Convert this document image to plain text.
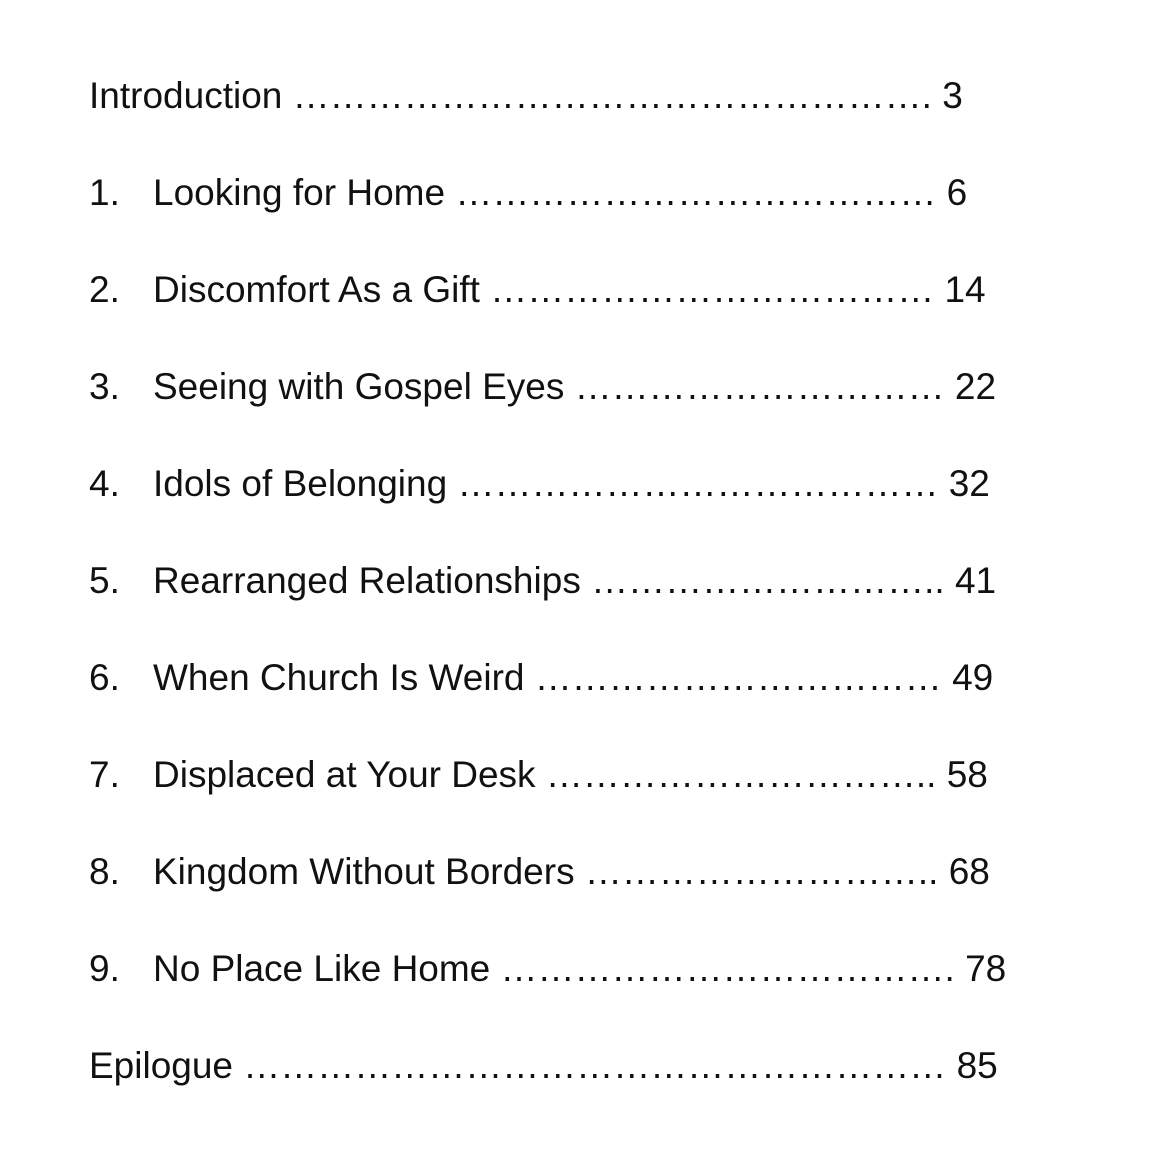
Introduction ……………………………………………. 3
1. Looking for Home ………………………………… 6
2. Discomfort As a Gift ……………………………… 14
3. Seeing with Gospel Eyes ………………………… 22
4. Idols of Belonging ………………………………… 32
5. Rearranged Relationships ……………………….. 41
6. When Church Is Weird …………………………… 49
7. Displaced at Your Desk ………………………….. 58
8. Kingdom Without Borders ……………………….. 68
9. No Place Like Home ………………………………. 78
Epilogue ………………………………………………… 85
